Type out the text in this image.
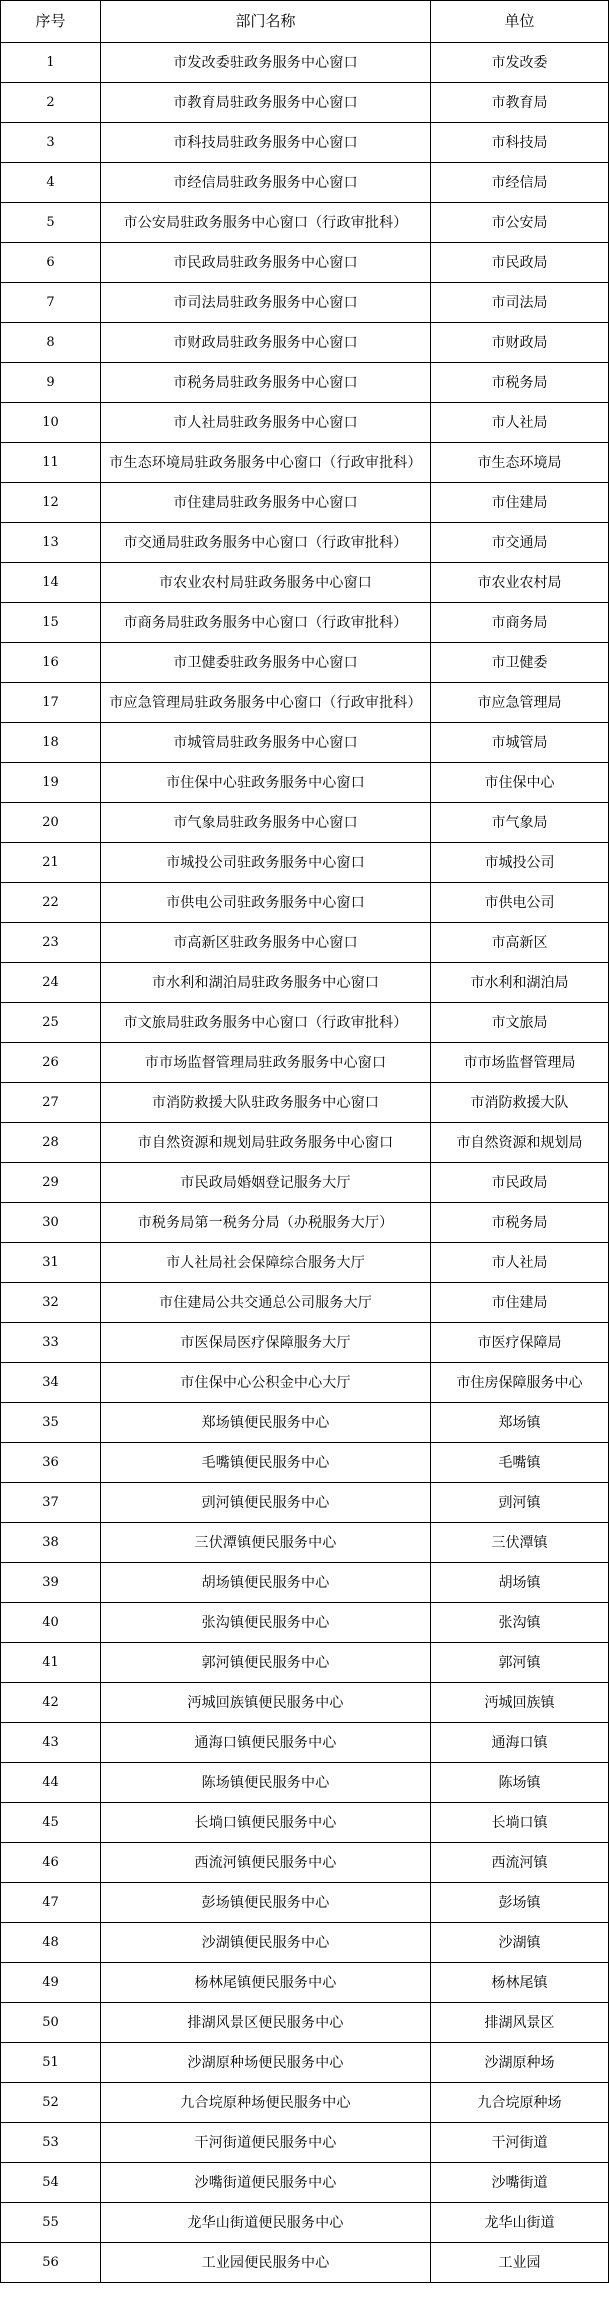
序号	部门名称	单位
1	市发改委驻政务服务中心窗口	市发改委
2	市教育局驻政务服务中心窗口	市教育局
3	市科技局驻政务服务中心窗口	市科技局
4	市经信局驻政务服务中心窗口	市经信局
5	市公安局驻政务服务中心窗口（行政审批科）	市公安局
6	市民政局驻政务服务中心窗口	市民政局
7	市司法局驻政务服务中心窗口	市司法局
8	市财政局驻政务服务中心窗口	市财政局
9	市税务局驻政务服务中心窗口	市税务局
10	市人社局驻政务服务中心窗口	市人社局
11	市生态环境局驻政务服务中心窗口（行政审批科）	市生态环境局
12	市住建局驻政务服务中心窗口	市住建局
13	市交通局驻政务服务中心窗口（行政审批科）	市交通局
14	市农业农村局驻政务服务中心窗口	市农业农村局
15	市商务局驻政务服务中心窗口（行政审批科）	市商务局
16	市卫健委驻政务服务中心窗口	市卫健委
17	市应急管理局驻政务服务中心窗口（行政审批科）	市应急管理局
18	市城管局驻政务服务中心窗口	市城管局
19	市住保中心驻政务服务中心窗口	市住保中心
20	市气象局驻政务服务中心窗口	市气象局
21	市城投公司驻政务服务中心窗口	市城投公司
22	市供电公司驻政务服务中心窗口	市供电公司
23	市高新区驻政务服务中心窗口	市高新区
24	市水利和湖泊局驻政务服务中心窗口	市水利和湖泊局
25	市文旅局驻政务服务中心窗口（行政审批科）	市文旅局
26	市市场监督管理局驻政务服务中心窗口	市市场监督管理局
27	市消防救援大队驻政务服务中心窗口	市消防救援大队
28	市自然资源和规划局驻政务服务中心窗口	市自然资源和规划局
29	市民政局婚姻登记服务大厅	市民政局
30	市税务局第一税务分局（办税服务大厅）	市税务局
31	市人社局社会保障综合服务大厅	市人社局
32	市住建局公共交通总公司服务大厅	市住建局
33	市医保局医疗保障服务大厅	市医疗保障局
34	市住保中心公积金中心大厅	市住房保障服务中心
35	郑场镇便民服务中心	郑场镇
36	毛嘴镇便民服务中心	毛嘴镇
37	剅河镇便民服务中心	剅河镇
38	三伏潭镇便民服务中心	三伏潭镇
39	胡场镇便民服务中心	胡场镇
40	张沟镇便民服务中心	张沟镇
41	郭河镇便民服务中心	郭河镇
42	沔城回族镇便民服务中心	沔城回族镇
43	通海口镇便民服务中心	通海口镇
44	陈场镇便民服务中心	陈场镇
45	长埫口镇便民服务中心	长埫口镇
46	西流河镇便民服务中心	西流河镇
47	彭场镇便民服务中心	彭场镇
48	沙湖镇便民服务中心	沙湖镇
49	杨林尾镇便民服务中心	杨林尾镇
50	排湖风景区便民服务中心	排湖风景区
51	沙湖原种场便民服务中心	沙湖原种场
52	九合垸原种场便民服务中心	九合垸原种场
53	干河街道便民服务中心	干河街道
54	沙嘴街道便民服务中心	沙嘴街道
55	龙华山街道便民服务中心	龙华山街道
56	工业园便民服务中心	工业园
